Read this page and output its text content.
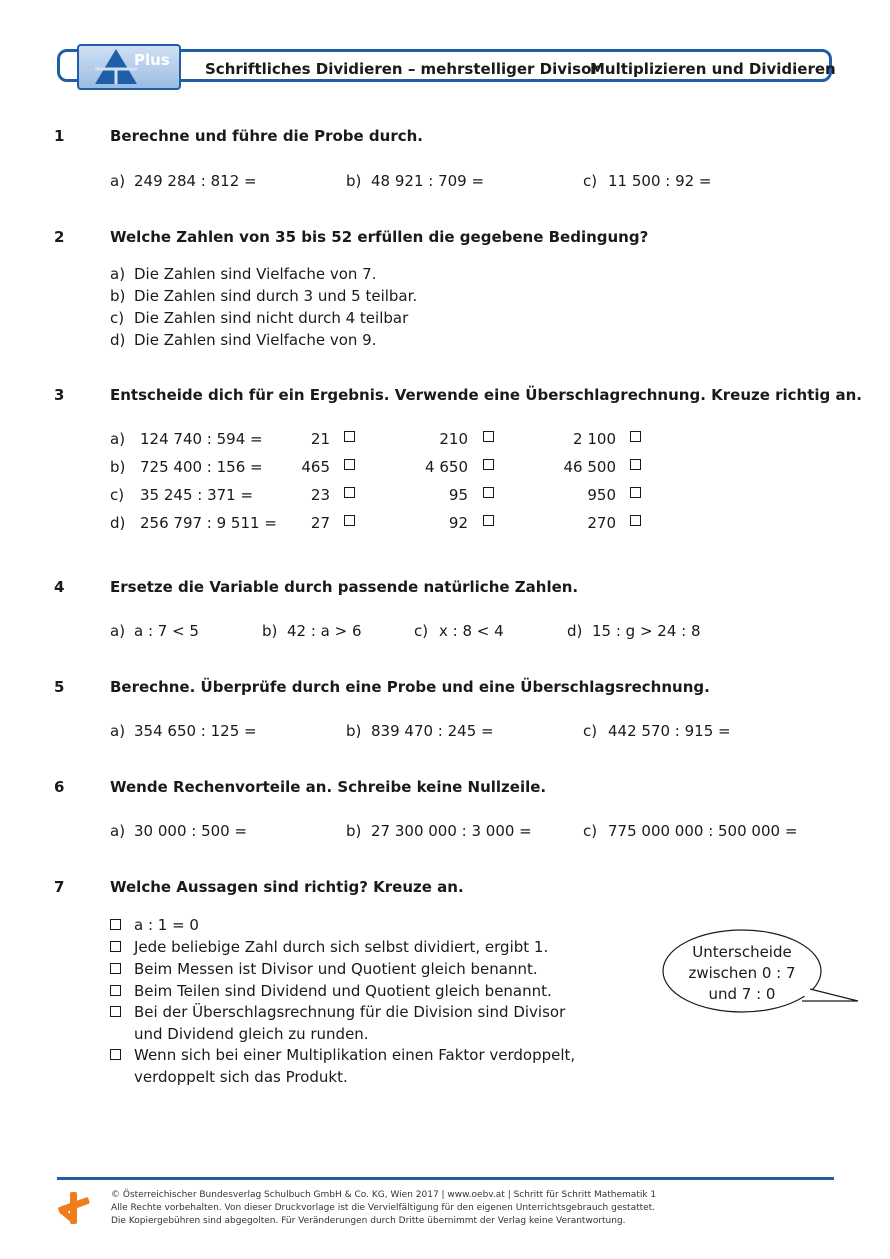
Plus Schriftliches Dividieren – mehrstelliger Divisor
Multiplizieren und Dividieren
1	Berechne und führe die Probe durch.
a) 249 284 : 812 =	b) 48 921 : 709 =	c) 11 500 : 92 =
2	Welche Zahlen von 35 bis 52 erfüllen die gegebene Bedingung?
a) Die Zahlen sind Vielfache von 7.
b) Die Zahlen sind durch 3 und 5 teilbar.
c) Die Zahlen sind nicht durch 4 teilbar
d) Die Zahlen sind Vielfache von 9.
3	Entscheide dich für ein Ergebnis. Verwende eine Überschlagrechnung. Kreuze richtig an.
a) 124 740 : 594 =	21	210	2 100
b) 725 400 : 156 =	465	4 650	46 500
c) 35 245 : 371 =	23	95	950
d) 256 797 : 9 511 =	27	92	270
4	Ersetze die Variable durch passende natürliche Zahlen.
a) a : 7 < 5	b) 42 : a > 6	c) x : 8 < 4	d) 15 : g > 24 : 8
5	Berechne. Überprüfe durch eine Probe und eine Überschlagsrechnung.
a) 354 650 : 125 =	b) 839 470 : 245 =	c) 442 570 : 915 =
6	Wende Rechenvorteile an. Schreibe keine Nullzeile.
a) 30 000 : 500 =	b) 27 300 000 : 3 000 =	c) 775 000 000 : 500 000 =
7	Welche Aussagen sind richtig? Kreuze an.
a : 1 = 0
Jede beliebige Zahl durch sich selbst dividiert, ergibt 1.
Beim Messen ist Divisor und Quotient gleich benannt.
Beim Teilen sind Dividend und Quotient gleich benannt.
Bei der Überschlagsrechnung für die Division sind Divisor
und Dividend gleich zu runden.
Wenn sich bei einer Multiplikation einen Faktor verdoppelt,
verdoppelt sich das Produkt.
Unterscheide
zwischen 0 : 7
und 7 : 0
© Österreichischer Bundesverlag Schulbuch GmbH & Co. KG, Wien 2017 | www.oebv.at | Schritt für Schritt Mathematik 1
Alle Rechte vorbehalten. Von dieser Druckvorlage ist die Vervielfältigung für den eigenen Unterrichtsgebrauch gestattet.
Die Kopiergebühren sind abgegolten. Für Veränderungen durch Dritte übernimmt der Verlag keine Verantwortung.
